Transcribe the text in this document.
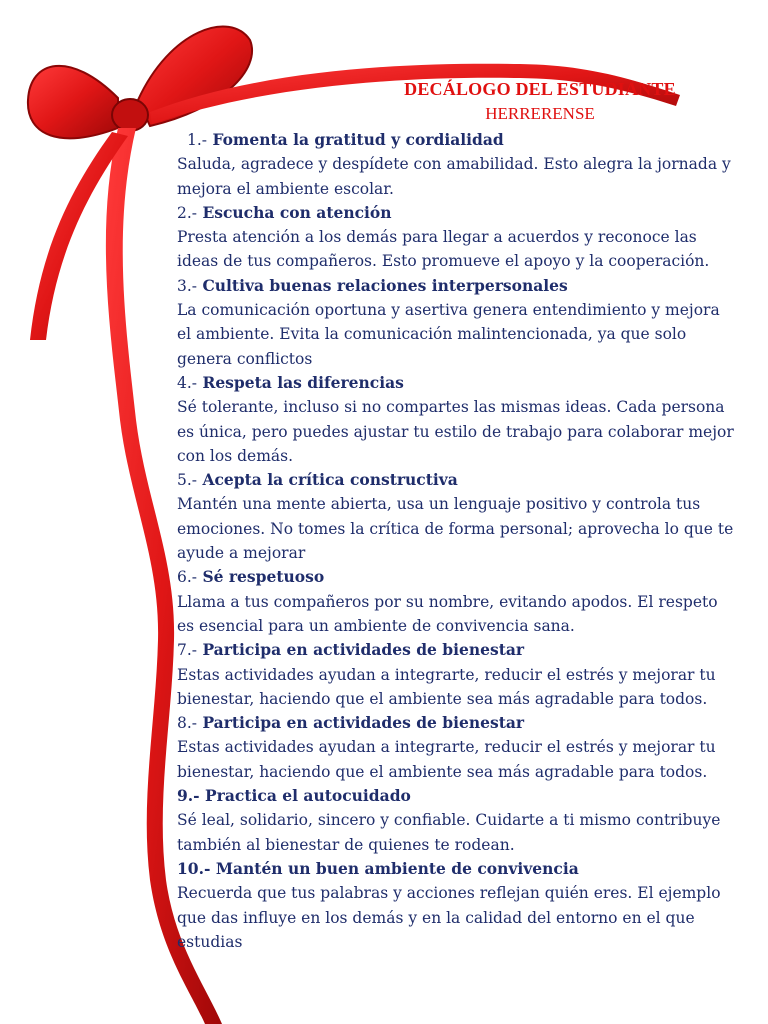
DECÁLOGO DEL ESTUDIANTE
HERRERENSE
1.- Fomenta la gratitud y cordialidad
Saluda, agradece y despídete con amabilidad. Esto alegra la jornada y mejora el ambiente escolar.
2.- Escucha con atención
Presta atención a los demás para llegar a acuerdos y reconoce las ideas de tus compañeros. Esto promueve el apoyo y la cooperación.
3.- Cultiva buenas relaciones interpersonales
La comunicación oportuna y asertiva genera entendimiento y mejora el ambiente. Evita la comunicación malintencionada, ya que solo genera conflictos
4.- Respeta las diferencias
Sé tolerante, incluso si no compartes las mismas ideas. Cada persona es única, pero puedes ajustar tu estilo de trabajo para colaborar mejor con los demás.
5.- Acepta la crítica constructiva
Mantén una mente abierta, usa un lenguaje positivo y controla tus emociones. No tomes la crítica de forma personal; aprovecha lo que te ayude a mejorar
6.- Sé respetuoso
Llama a tus compañeros por su nombre, evitando apodos. El respeto es esencial para un ambiente de convivencia sana.
7.- Participa en actividades de bienestar
Estas actividades ayudan a integrarte, reducir el estrés y mejorar tu bienestar, haciendo que el ambiente sea más agradable para todos.
8.- Participa en actividades de bienestar
Estas actividades ayudan a integrarte, reducir el estrés y mejorar tu bienestar, haciendo que el ambiente sea más agradable para todos.
9.- Practica el autocuidado
Sé leal, solidario, sincero y confiable. Cuidarte a ti mismo contribuye también al bienestar de quienes te rodean.
10.- Mantén un buen ambiente de convivencia
Recuerda que tus palabras y acciones reflejan quién eres. El ejemplo que das influye en los demás y en la calidad del entorno en el que estudias
